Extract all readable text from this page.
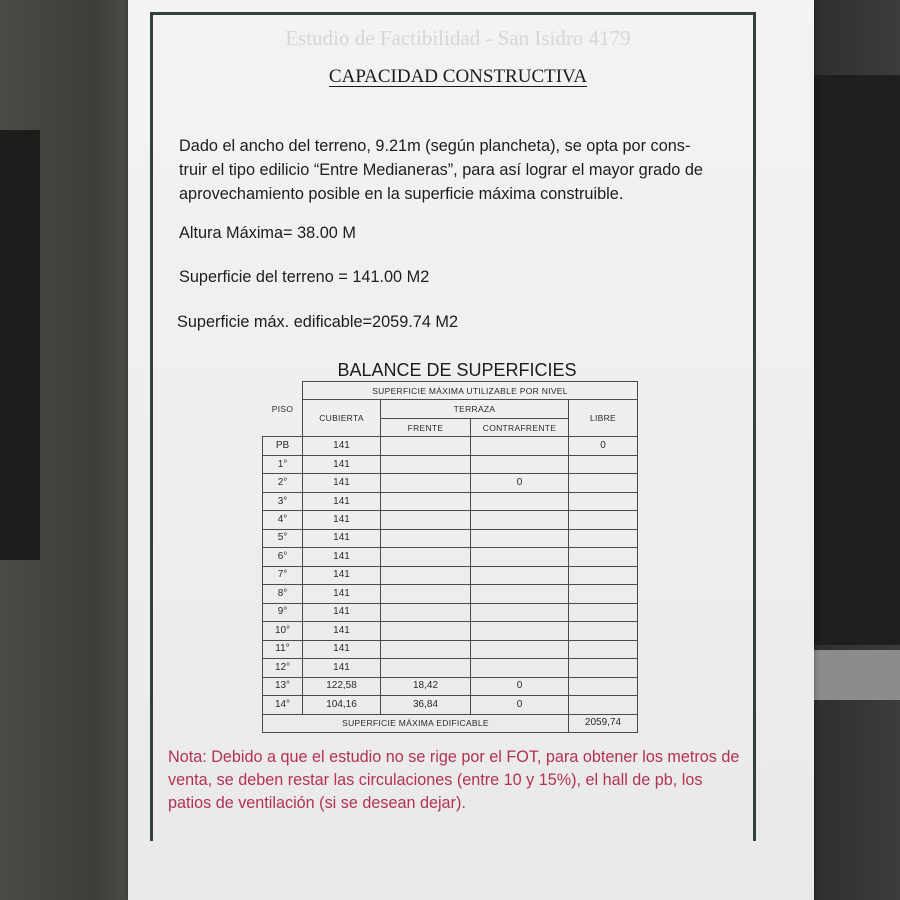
Estudio de Factibilidad - San Isidro 4179
CAPACIDAD CONSTRUCTIVA
Dado el ancho del terreno, 9.21m (según plancheta), se opta por cons-
truir el tipo edilicio “Entre Medianeras”, para así lograr el mayor grado de
aprovechamiento posible en la superficie máxima construible.
Altura Máxima= 38.00 M
Superficie del terreno = 141.00 M2
Superficie máx. edificable=2059.74 M2
BALANCE DE SUPERFICIES
PISO	SUPERFICIE MÁXIMA UTILIZABLE POR NIVEL			
	CUBIERTA	TERRAZA		LIBRE
		FRENTE	CONTRAFRENTE	
PB	141			0
1°	141			
2°	141		0	
3°	141			
4°	141			
5°	141			
6°	141			
7°	141			
8°	141			
9°	141			
10°	141			
11°	141			
12°	141			
13°	122,58	18,42	0	
14°	104,16	36,84	0	
SUPERFICIE MÁXIMA EDIFICABLE				2059,74
Nota: Debido a que el estudio no se rige por el FOT, para obtener los metros de venta, se deben restar las circulaciones (entre 10 y 15%), el hall de pb, los patios de ventilación (si se desean dejar).
